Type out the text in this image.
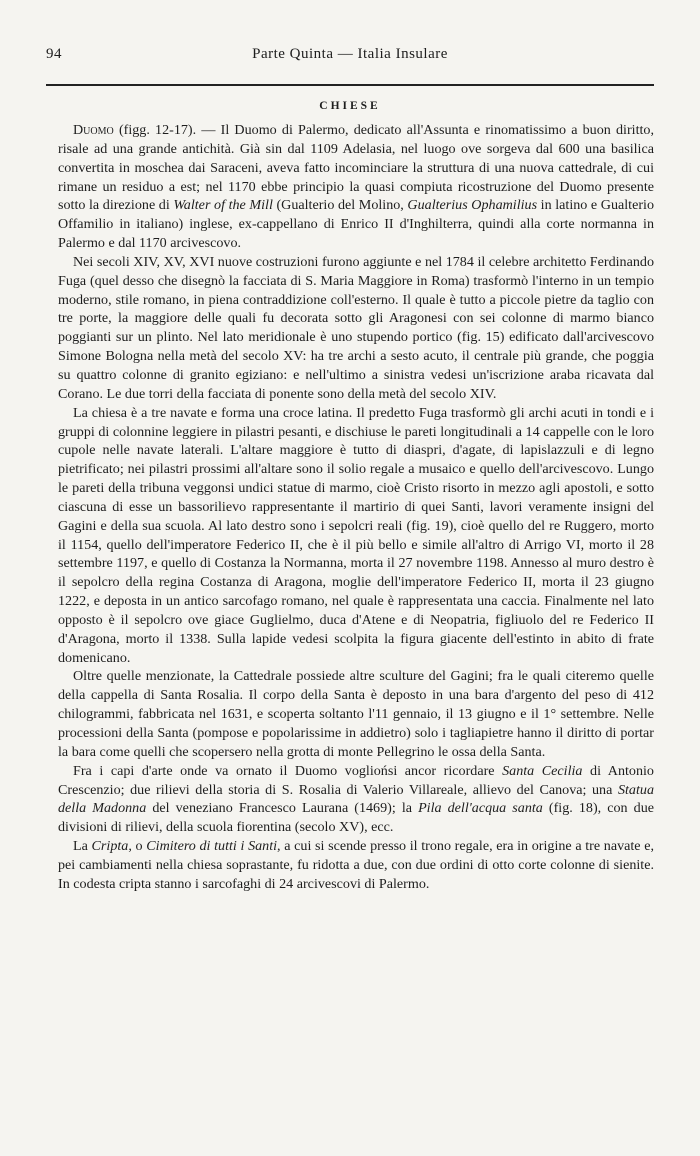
94	Parte Quinta — Italia Insulare
CHIESE

Duomo (figg. 12-17). — Il Duomo di Palermo, dedicato all'Assunta e rinomatissimo a buon diritto, risale ad una grande antichità. Già sin dal 1109 Adelasia, nel luogo ove sorgeva dal 600 una basilica convertita in moschea dai Saraceni, aveva fatto incominciare la struttura di una nuova cattedrale, di cui rimane un residuo a est; nel 1170 ebbe principio la quasi compiuta ricostruzione del Duomo presente sotto la direzione di Walter of the Mill (Gualterio del Molino, Gualterius Ophamilius in latino e Gualterio Offamilio in italiano) inglese, ex-cappellano di Enrico II d'Inghilterra, quindi alla corte normanna in Palermo e dal 1170 arcivescovo.

Nei secoli XIV, XV, XVI nuove costruzioni furono aggiunte e nel 1784 il celebre architetto Ferdinando Fuga (quel desso che disegnò la facciata di S. Maria Maggiore in Roma) trasformò l'interno in un tempio moderno, stile romano, in piena contraddizione coll'esterno. Il quale è tutto a piccole pietre da taglio con tre porte, la maggiore delle quali fu decorata sotto gli Aragonesi con sei colonne di marmo bianco poggianti sur un plinto. Nel lato meridionale è uno stupendo portico (fig. 15) edificato dall'arcivescovo Simone Bologna nella metà del secolo XV: ha tre archi a sesto acuto, il centrale più grande, che poggia su quattro colonne di granito egiziano: e nell'ultimo a sinistra vedesi un'iscrizione araba ricavata dal Corano. Le due torri della facciata di ponente sono della metà del secolo XIV.

La chiesa è a tre navate e forma una croce latina. Il predetto Fuga trasformò gli archi acuti in tondi e i gruppi di colonnine leggiere in pilastri pesanti, e dischiuse le pareti longitudinali a 14 cappelle con le loro cupole nelle navate laterali. L'altare maggiore è tutto di diaspri, d'agate, di lapislazzuli e di legno pietrificato; nei pilastri prossimi all'altare sono il solio regale a musaico e quello dell'arcivescovo. Lungo le pareti della tribuna veggonsi undici statue di marmo, cioè Cristo risorto in mezzo agli apostoli, e sotto ciascuna di esse un bassorilievo rappresentante il martirio di quei Santi, lavori veramente insigni del Gagini e della sua scuola. Al lato destro sono i sepolcri reali (fig. 19), cioè quello del re Ruggero, morto il 1154, quello dell'imperatore Federico II, che è il più bello e simile all'altro di Arrigo VI, morto il 28 settembre 1197, e quello di Costanza la Normanna, morta il 27 novembre 1198. Annesso al muro destro è il sepolcro della regina Costanza di Aragona, moglie dell'imperatore Federico II, morta il 23 giugno 1222, e deposta in un antico sarcofago romano, nel quale è rappresentata una caccia. Finalmente nel lato opposto è il sepolcro ove giace Guglielmo, duca d'Atene e di Neopatria, figliuolo del re Federico II d'Aragona, morto il 1338. Sulla lapide vedesi scolpita la figura giacente dell'estinto in abito di frate domenicano.

Oltre quelle menzionate, la Cattedrale possiede altre sculture del Gagini; fra le quali citeremo quelle della cappella di Santa Rosalia. Il corpo della Santa è deposto in una bara d'argento del peso di 412 chilogrammi, fabbricata nel 1631, e scoperta soltanto l'11 gennaio, il 13 giugno e il 1° settembre. Nelle processioni della Santa (pompose e popolarissime in addietro) solo i tagliapietre hanno il diritto di portar la bara come quelli che scopersero nella grotta di monte Pellegrino le ossa della Santa.

Fra i capi d'arte onde va ornato il Duomo vogliońsi ancor ricordare Santa Cecilia di Antonio Crescenzio; due rilievi della storia di S. Rosalia di Valerio Villareale, allievo del Canova; una Statua della Madonna del veneziano Francesco Laurana (1469); la Pila dell'acqua santa (fig. 18), con due divisioni di rilievi, della scuola fiorentina (secolo XV), ecc.

La Cripta, o Cimitero di tutti i Santi, a cui si scende presso il trono regale, era in origine a tre navate e, pei cambiamenti nella chiesa soprastante, fu ridotta a due, con due ordini di otto corte colonne di sienite. In codesta cripta stanno i sarcofaghi di 24 arcivescovi di Palermo.
